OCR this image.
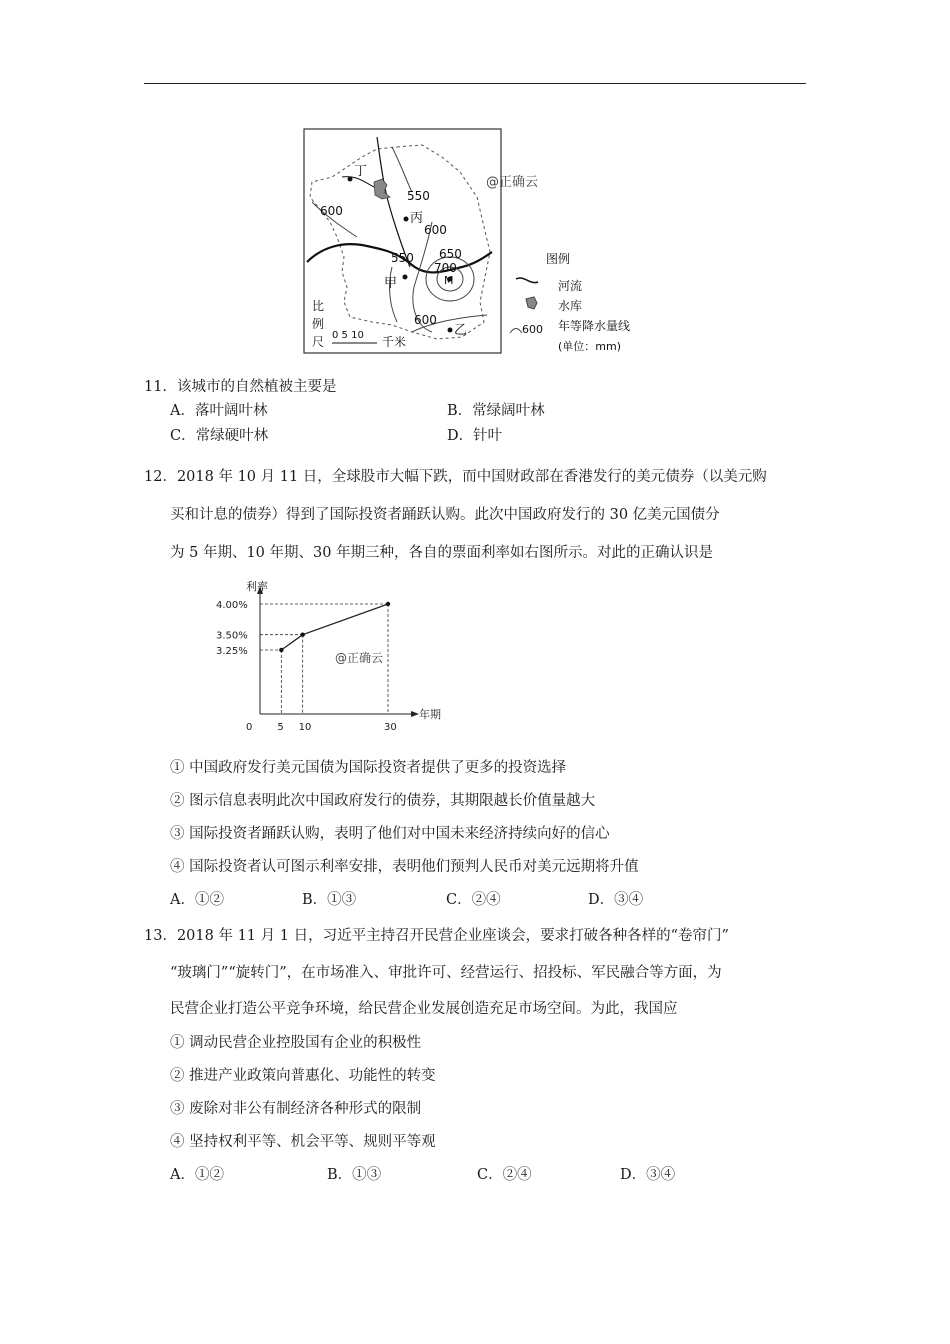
丁
丙
甲	M
乙
600
550
600
550 650
700
600
@正确云
比
例
尺 0 5 10 千米
图例
河流
水库
600 年等降水量线
(单位：mm)
11．该城市的自然植被主要是
A．落叶阔叶林	B．常绿阔叶林
C．常绿硬叶林	D．针叶
12．2018 年 10 月 11 日，全球股市大幅下跌，而中国财政部在香港发行的美元债券（以美元购
买和计息的债券）得到了国际投资者踊跃认购。此次中国政府发行的 30 亿美元国债分
为 5 年期、10 年期、30 年期三种，各自的票面利率如右图所示。对此的正确认识是
利率
年期
4.00%
3.50%
3.25%
0 5 10	30
@正确云
① 中国政府发行美元国债为国际投资者提供了更多的投资选择
② 图示信息表明此次中国政府发行的债券，其期限越长价值量越大
③ 国际投资者踊跃认购，表明了他们对中国未来经济持续向好的信心
④ 国际投资者认可图示利率安排，表明他们预判人民币对美元远期将升值
A．①②	B．①③	C．②④	D．③④
13．2018 年 11 月 1 日，习近平主持召开民营企业座谈会，要求打破各种各样的“卷帘门”
“玻璃门”“旋转门”，在市场准入、审批许可、经营运行、招投标、军民融合等方面，为
民营企业打造公平竞争环境，给民营企业发展创造充足市场空间。为此，我国应
① 调动民营企业控股国有企业的积极性
② 推进产业政策向普惠化、功能性的转变
③ 废除对非公有制经济各种形式的限制
④ 坚持权利平等、机会平等、规则平等观
A．①②	B．①③	C．②④	D．③④
